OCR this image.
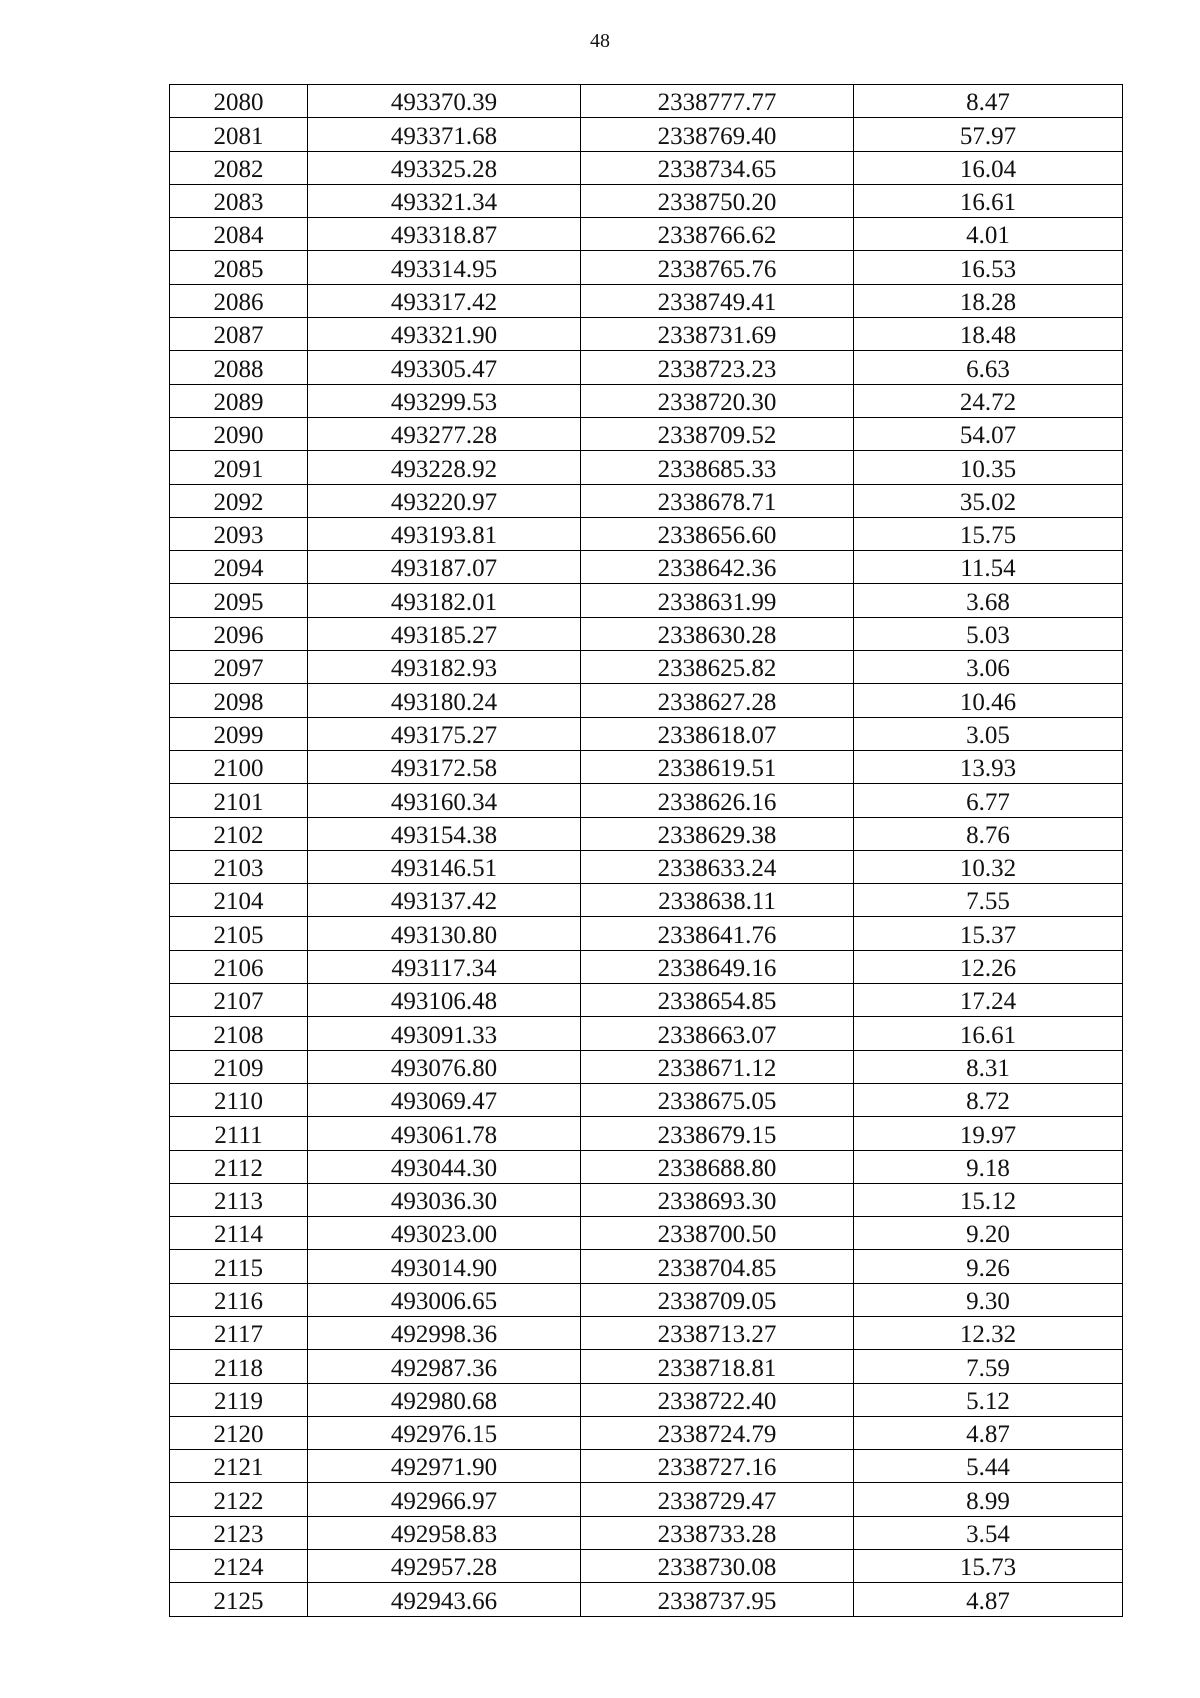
48
2080	493370.39	2338777.77	8.47
2081	493371.68	2338769.40	57.97
2082	493325.28	2338734.65	16.04
2083	493321.34	2338750.20	16.61
2084	493318.87	2338766.62	4.01
2085	493314.95	2338765.76	16.53
2086	493317.42	2338749.41	18.28
2087	493321.90	2338731.69	18.48
2088	493305.47	2338723.23	6.63
2089	493299.53	2338720.30	24.72
2090	493277.28	2338709.52	54.07
2091	493228.92	2338685.33	10.35
2092	493220.97	2338678.71	35.02
2093	493193.81	2338656.60	15.75
2094	493187.07	2338642.36	11.54
2095	493182.01	2338631.99	3.68
2096	493185.27	2338630.28	5.03
2097	493182.93	2338625.82	3.06
2098	493180.24	2338627.28	10.46
2099	493175.27	2338618.07	3.05
2100	493172.58	2338619.51	13.93
2101	493160.34	2338626.16	6.77
2102	493154.38	2338629.38	8.76
2103	493146.51	2338633.24	10.32
2104	493137.42	2338638.11	7.55
2105	493130.80	2338641.76	15.37
2106	493117.34	2338649.16	12.26
2107	493106.48	2338654.85	17.24
2108	493091.33	2338663.07	16.61
2109	493076.80	2338671.12	8.31
2110	493069.47	2338675.05	8.72
2111	493061.78	2338679.15	19.97
2112	493044.30	2338688.80	9.18
2113	493036.30	2338693.30	15.12
2114	493023.00	2338700.50	9.20
2115	493014.90	2338704.85	9.26
2116	493006.65	2338709.05	9.30
2117	492998.36	2338713.27	12.32
2118	492987.36	2338718.81	7.59
2119	492980.68	2338722.40	5.12
2120	492976.15	2338724.79	4.87
2121	492971.90	2338727.16	5.44
2122	492966.97	2338729.47	8.99
2123	492958.83	2338733.28	3.54
2124	492957.28	2338730.08	15.73
2125	492943.66	2338737.95	4.87
